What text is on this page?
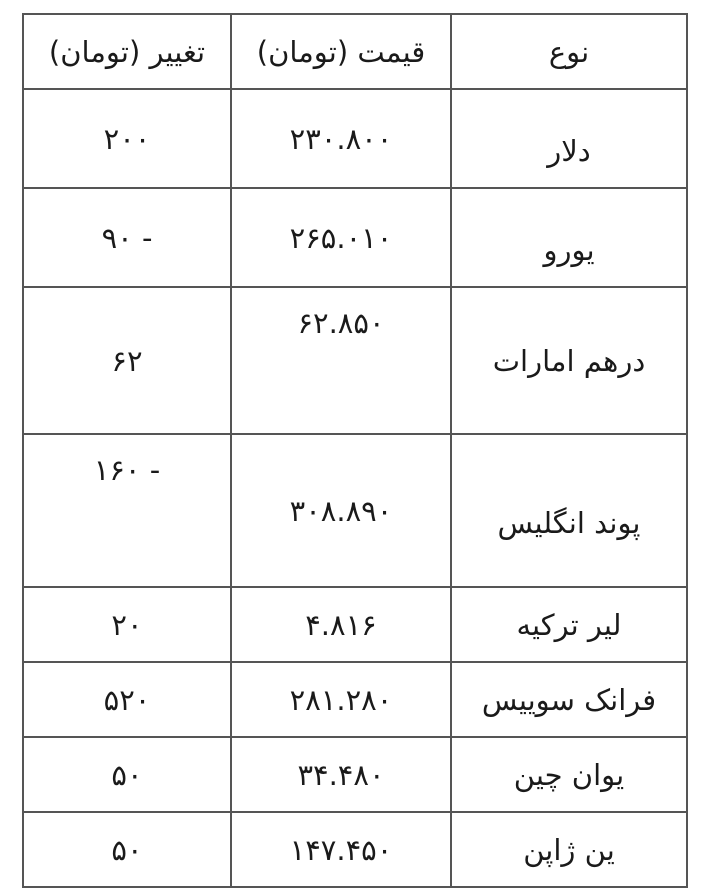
نوع	قیمت (تومان)	تغییر (تومان)
دلار	۲۳۰.۸۰۰	۲۰۰
یورو	۲۶۵.۰۱۰	- ۹۰
درهم امارات	۶۲.۸۵۰	۶۲
پوند انگلیس	۳۰۸.۸۹۰	- ۱۶۰
لیر ترکیه	۴.۸۱۶	۲۰
فرانک سوییس	۲۸۱.۲۸۰	۵۲۰
یوان چین	۳۴.۴۸۰	۵۰
ین ژاپن	۱۴۷.۴۵۰	۵۰
